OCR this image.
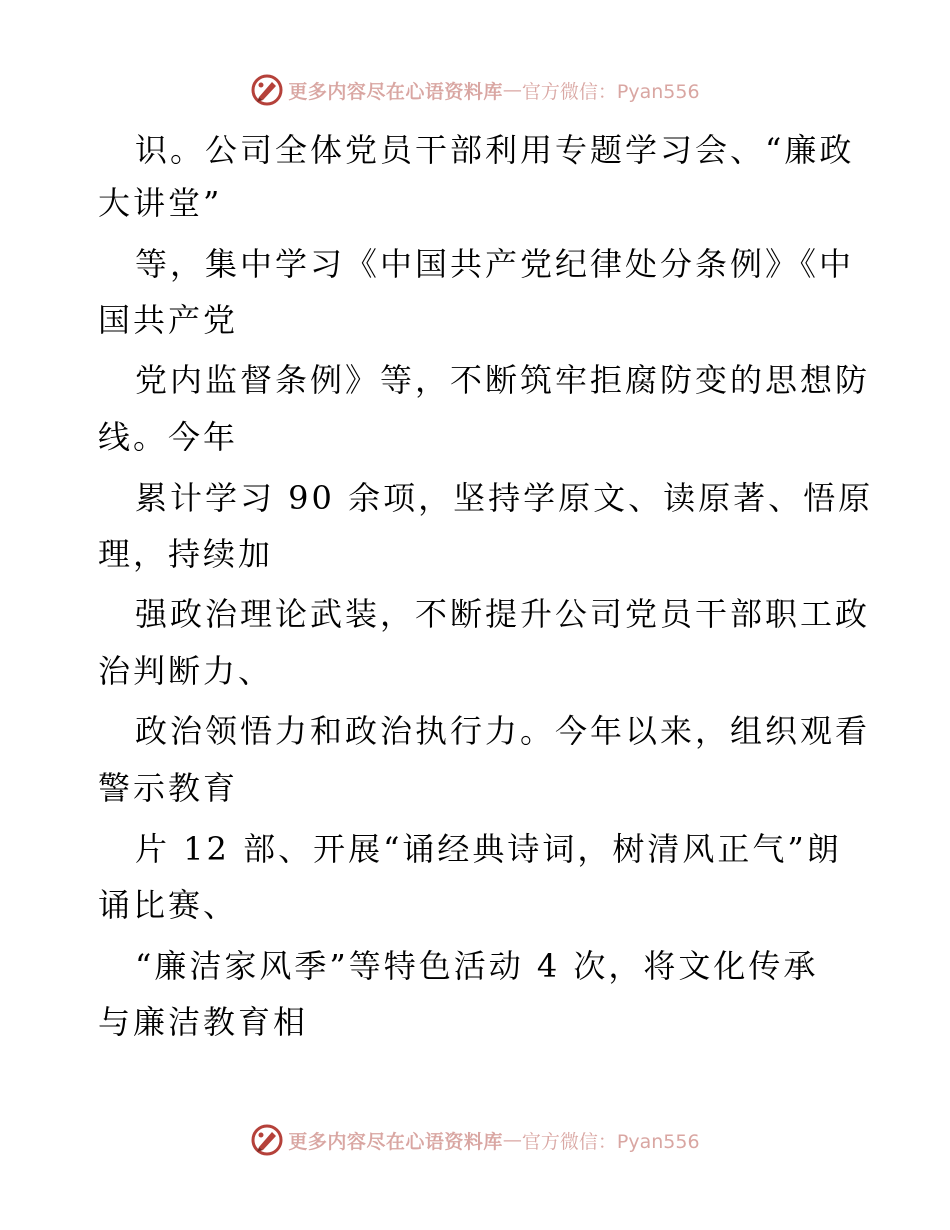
更多内容尽在心语资料库 — 官方微信：Pyan556
识。公司全体党员干部利用专题学习会、“廉政
大讲堂”
等，集中学习《中国共产党纪律处分条例》《中
国共产党
党内监督条例》等，不断筑牢拒腐防变的思想防
线。今年
累计学习 90 余项，坚持学原文、读原著、悟原
理，持续加
强政治理论武装，不断提升公司党员干部职工政
治判断力、
政治领悟力和政治执行力。今年以来，组织观看
警示教育
片 12 部、开展“诵经典诗词，树清风正气”朗
诵比赛、
“廉洁家风季”等特色活动 4 次，将文化传承
与廉洁教育相
更多内容尽在心语资料库 — 官方微信：Pyan556
